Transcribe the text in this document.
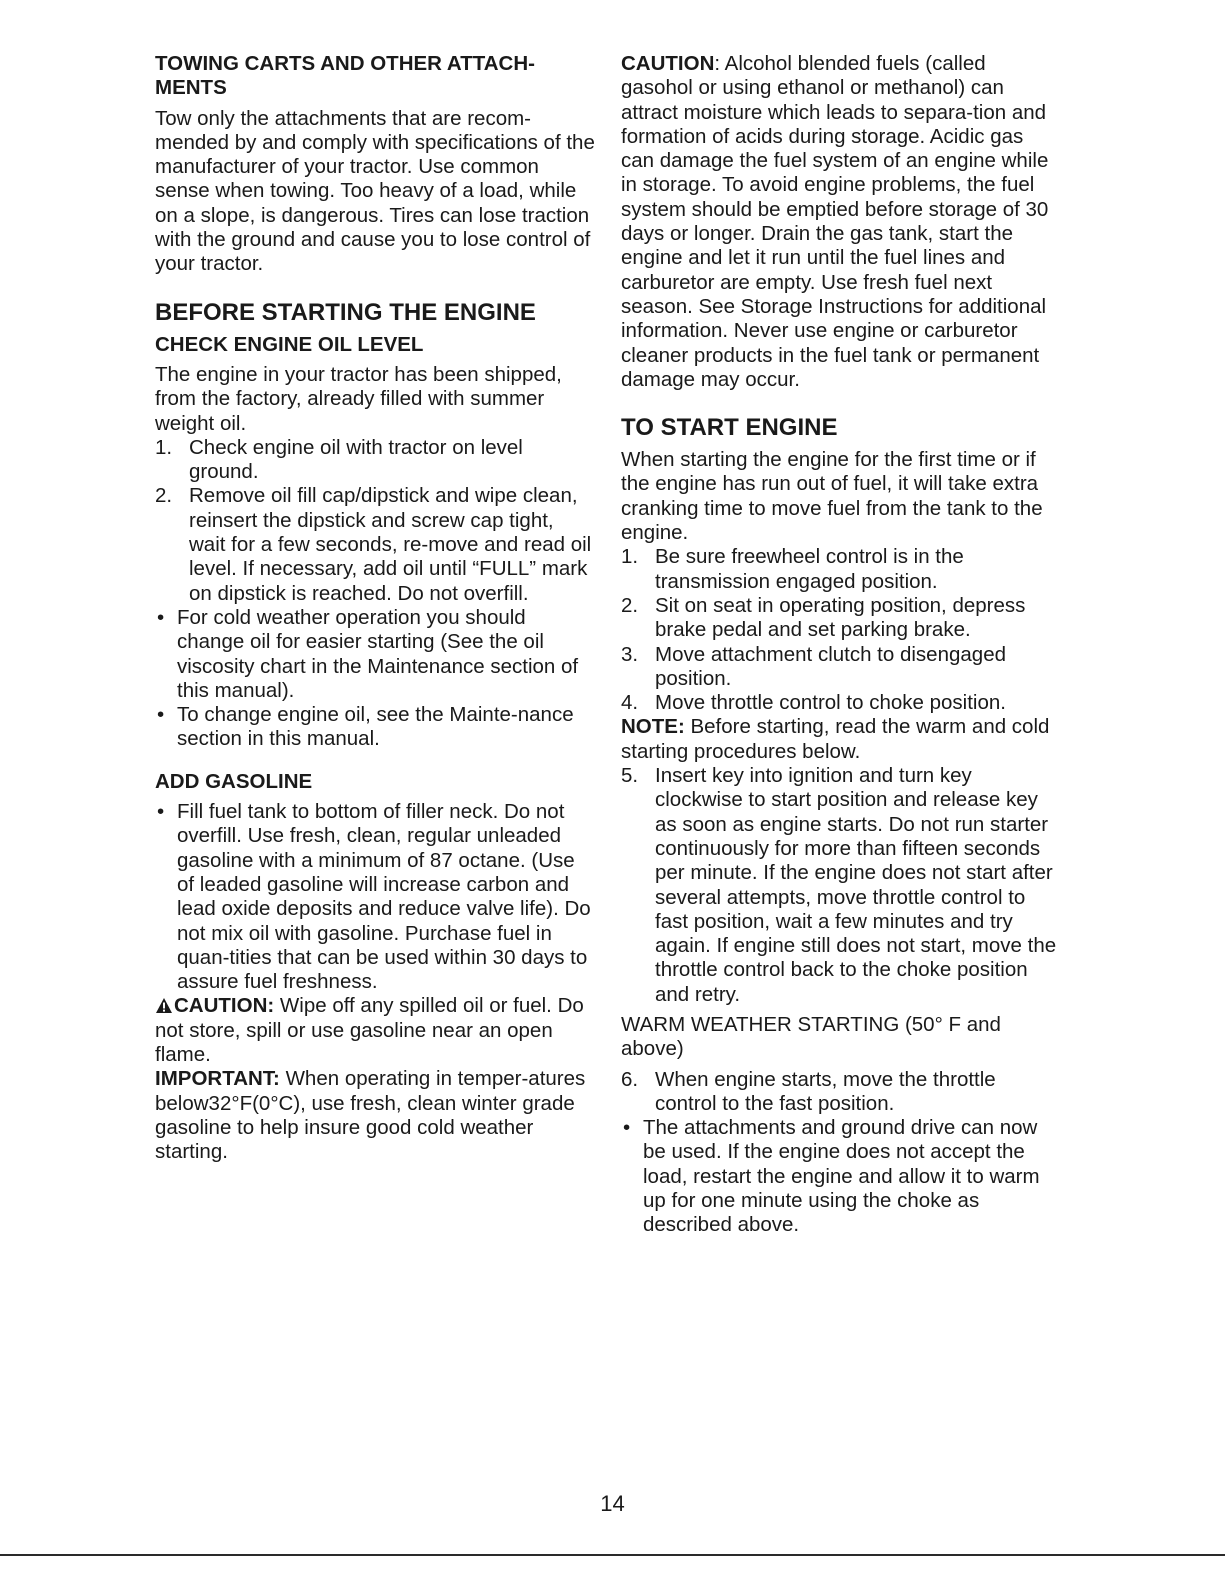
TOWING CARTS AND OTHER ATTACH-MENTS

Tow only the attachments that are recom-mended by and comply with specifications of the manufacturer of your tractor. Use common sense when towing. Too heavy of a load, while on a slope, is dangerous. Tires can lose traction with the ground and cause you to lose control of your tractor.

BEFORE STARTING THE ENGINE

CHECK ENGINE OIL LEVEL

The engine in your tractor has been shipped, from the factory, already filled with summer weight oil.

1. Check engine oil with tractor on level ground.

2. Remove oil fill cap/dipstick and wipe clean, reinsert the dipstick and screw cap tight, wait for a few seconds, re-move and read oil level. If necessary, add oil until “FULL” mark on dipstick is reached. Do not overfill.

• For cold weather operation you should change oil for easier starting (See the oil viscosity chart in the Maintenance section of this manual).

• To change engine oil, see the Mainte-nance section in this manual.

ADD GASOLINE

• Fill fuel tank to bottom of filler neck. Do not overfill. Use fresh, clean, regular unleaded gasoline with a minimum of 87 octane. (Use of leaded gasoline will increase carbon and lead oxide deposits and reduce valve life). Do not mix oil with gasoline. Purchase fuel in quan-tities that can be used within 30 days to assure fuel freshness.

CAUTION: Wipe off any spilled oil or fuel. Do not store, spill or use gasoline near an open flame.

IMPORTANT: When operating in temper-atures below32°F(0°C), use fresh, clean winter grade gasoline to help insure good cold weather starting.

CAUTION: Alcohol blended fuels (called gasohol or using ethanol or methanol) can attract moisture which leads to separa-tion and formation of acids during storage. Acidic gas can damage the fuel system of an engine while in storage. To avoid engine problems, the fuel system should be emptied before storage of 30 days or longer. Drain the gas tank, start the engine and let it run until the fuel lines and carburetor are empty. Use fresh fuel next season. See Storage Instructions for additional information. Never use engine or carburetor cleaner products in the fuel tank or permanent damage may occur.

TO START ENGINE

When starting the engine for the first time or if the engine has run out of fuel, it will take extra cranking time to move fuel from the tank to the engine.

1. Be sure freewheel control is in the transmission engaged position.

2. Sit on seat in operating position, depress brake pedal and set parking brake.

3. Move attachment clutch to disengaged position.

4. Move throttle control to choke position.

NOTE: Before starting, read the warm and cold starting procedures below.

5. Insert key into ignition and turn key clockwise to start position and release key as soon as engine starts. Do not run starter continuously for more than fifteen seconds per minute. If the engine does not start after several attempts, move throttle control to fast position, wait a few minutes and try again. If engine still does not start, move the throttle control back to the choke position and retry.

WARM WEATHER STARTING (50° F and above)

6. When engine starts, move the throttle control to the fast position.

• The attachments and ground drive can now be used. If the engine does not accept the load, restart the engine and allow it to warm up for one minute using the choke as described above.

14
